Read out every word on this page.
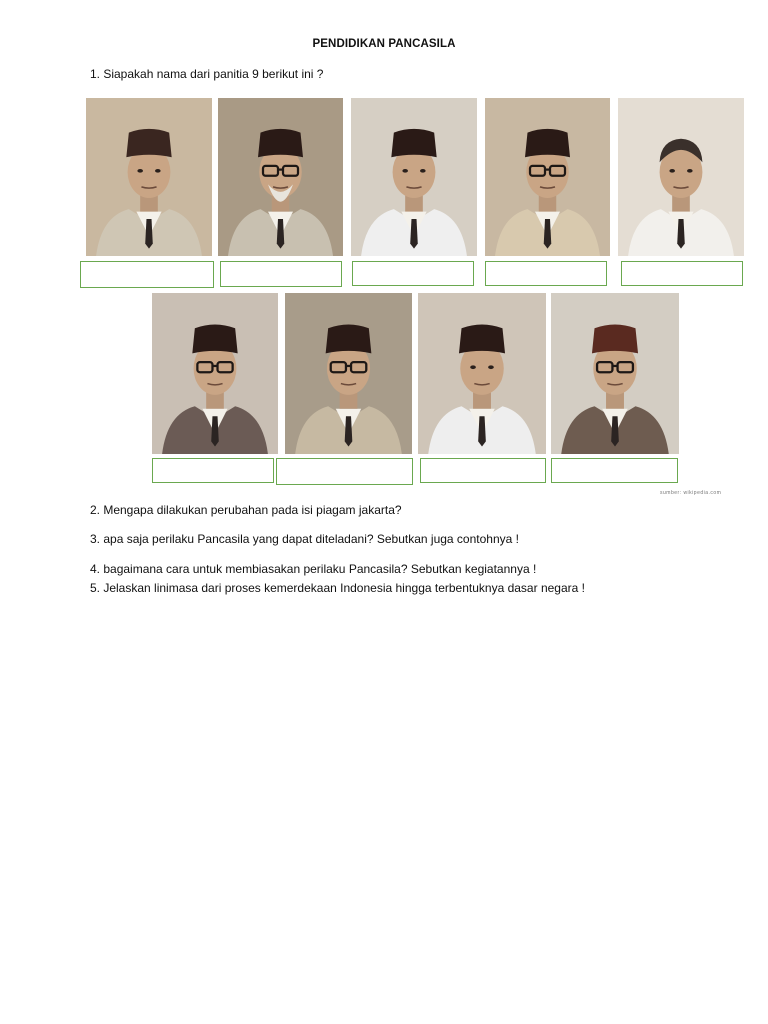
PENDIDIKAN PANCASILA
1. Siapakah nama dari panitia 9 berikut ini ?
sumber: wikipedia.com
2. Mengapa dilakukan perubahan pada isi piagam jakarta?
3. apa saja perilaku Pancasila yang dapat diteladani? Sebutkan juga contohnya !
4. bagaimana cara untuk membiasakan perilaku Pancasila? Sebutkan kegiatannya !
5. Jelaskan linimasa dari proses kemerdekaan Indonesia hingga terbentuknya dasar negara !
